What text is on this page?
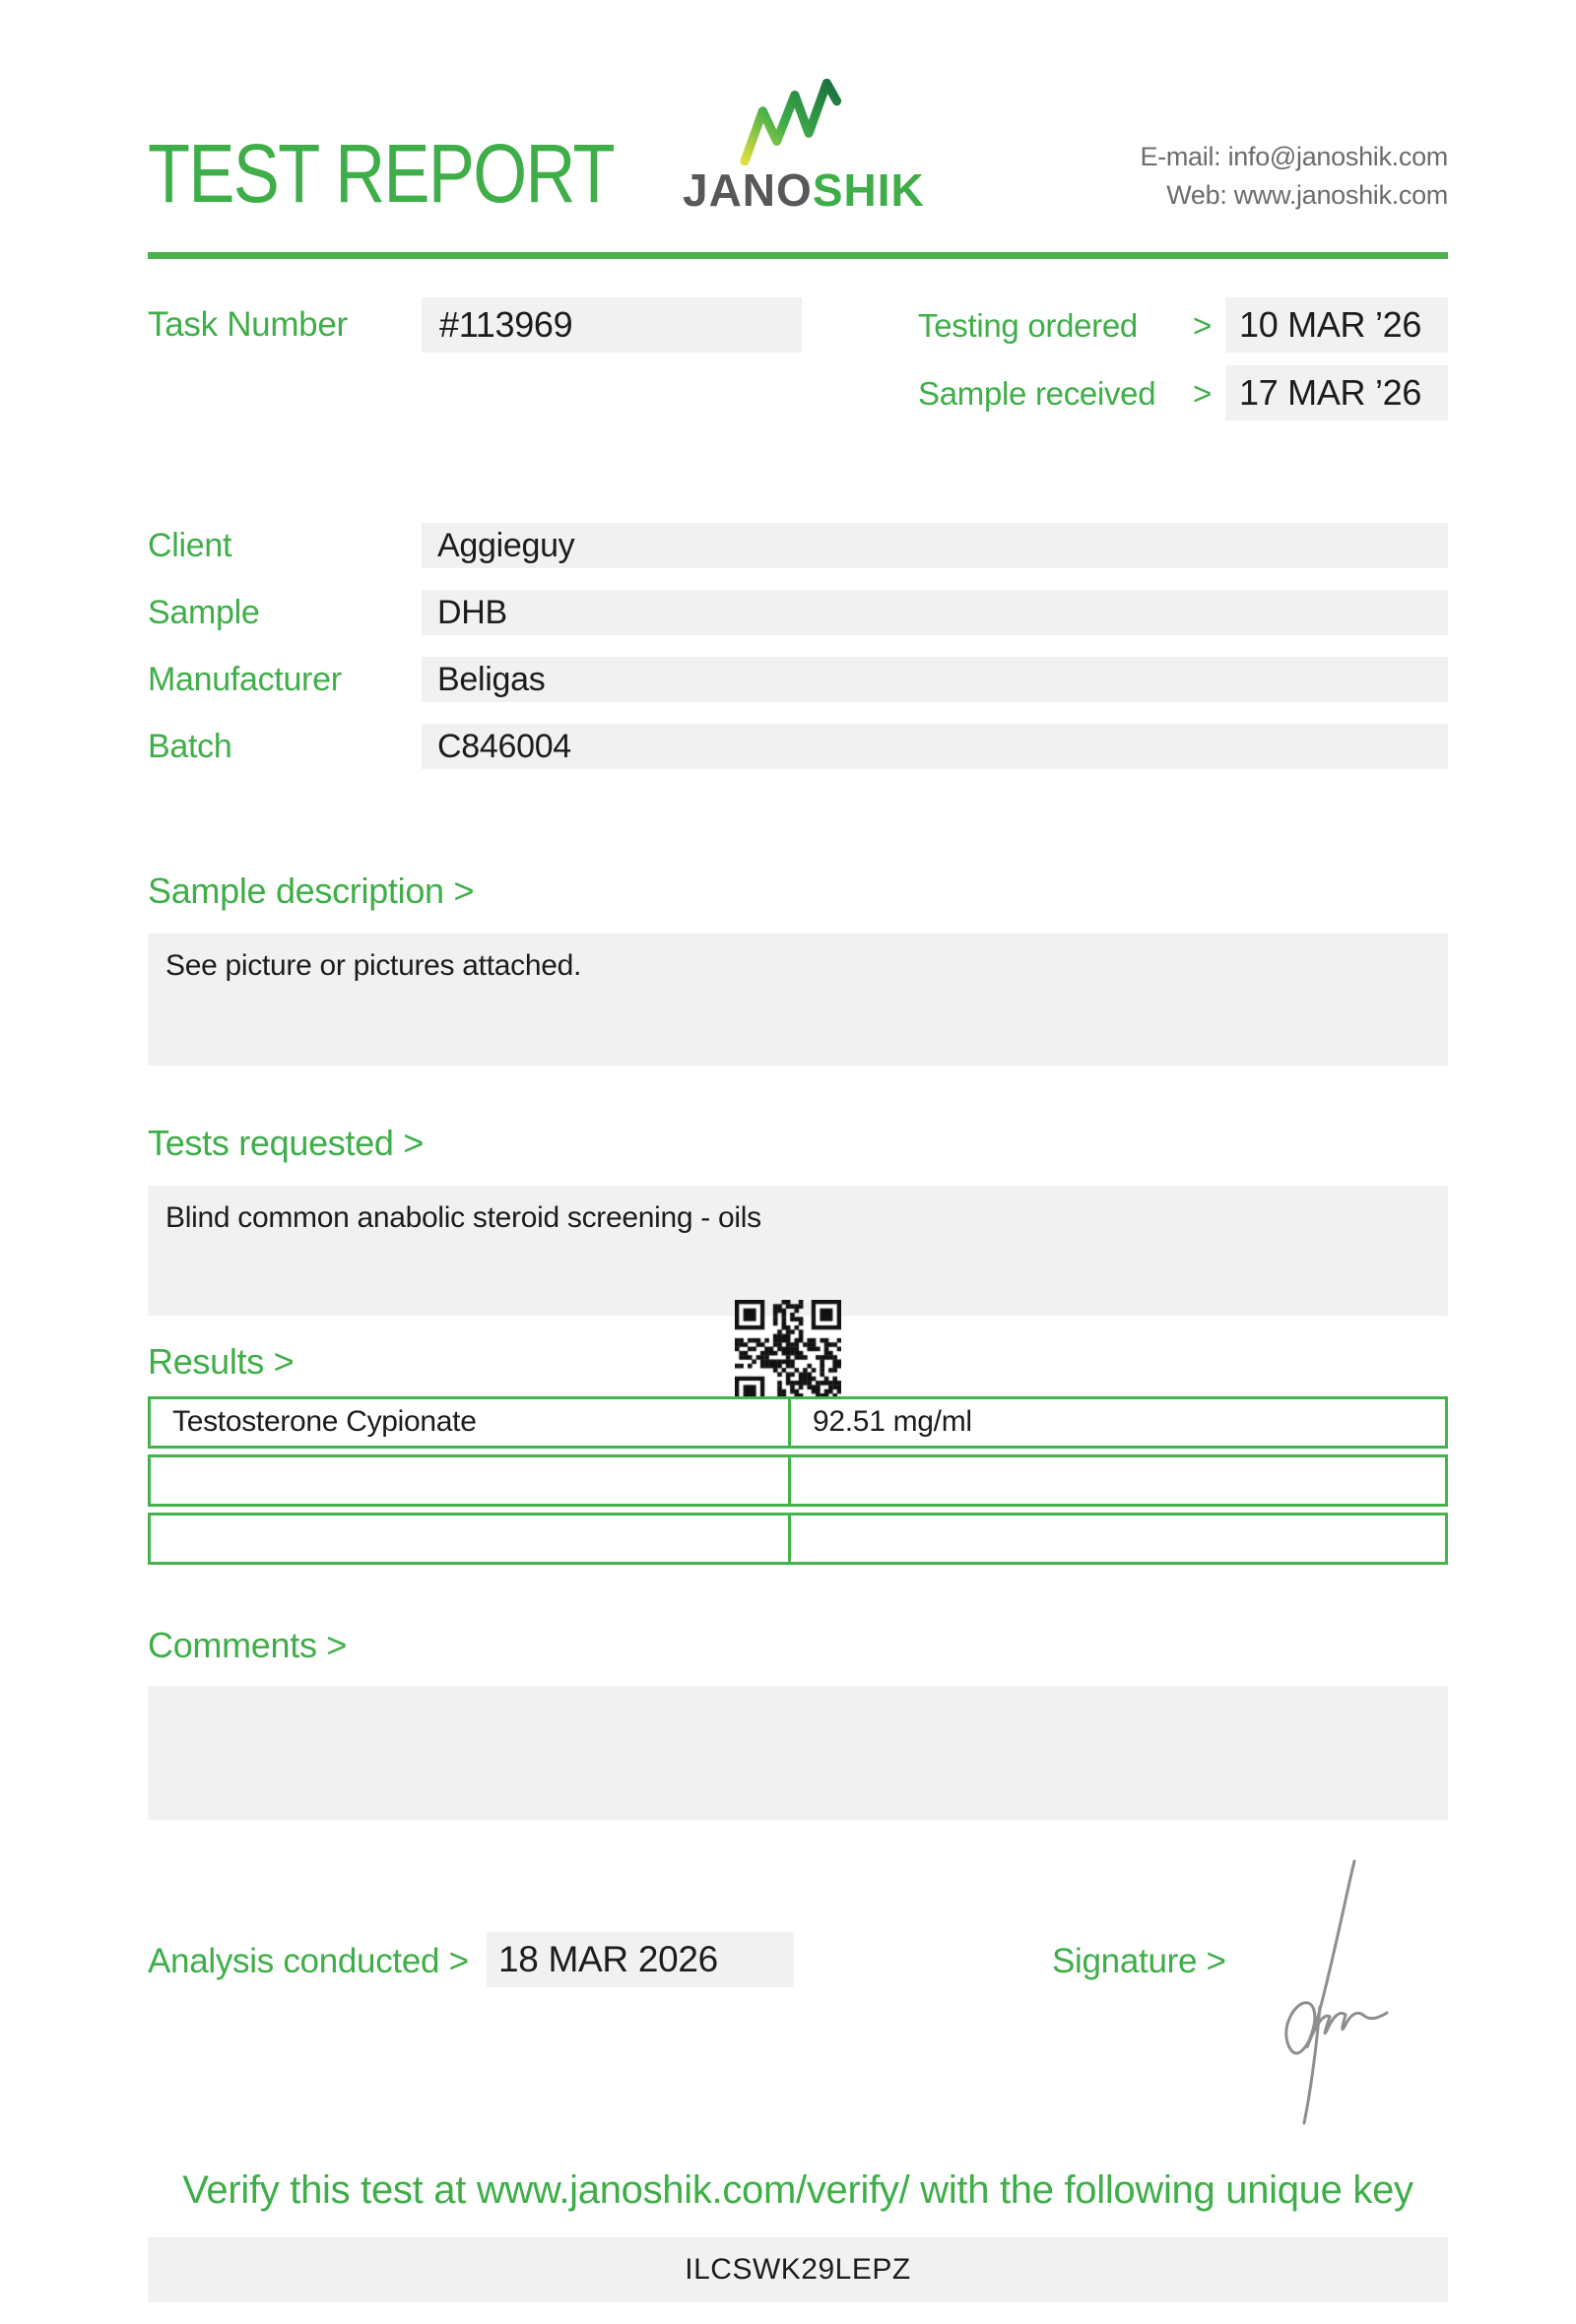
TEST REPORT JANOSHIK
E-mail: info@janoshik.com
Web: www.janoshik.com
Task Number	#113969	Testing ordered > 10 MAR ’26
Sample received > 17 MAR ’26
Client	Aggieguy
Sample	DHB
Manufacturer	Beligas
Batch	C846004
Sample description >
See picture or pictures attached.
Tests requested >
Blind common anabolic steroid screening - oils
Results >
Testosterone Cypionate	92.51 mg/ml
Comments >
Analysis conducted > 18 MAR 2026	Signature >
Verify this test at www.janoshik.com/verify/ with the following unique key
ILCSWK29LEPZ
